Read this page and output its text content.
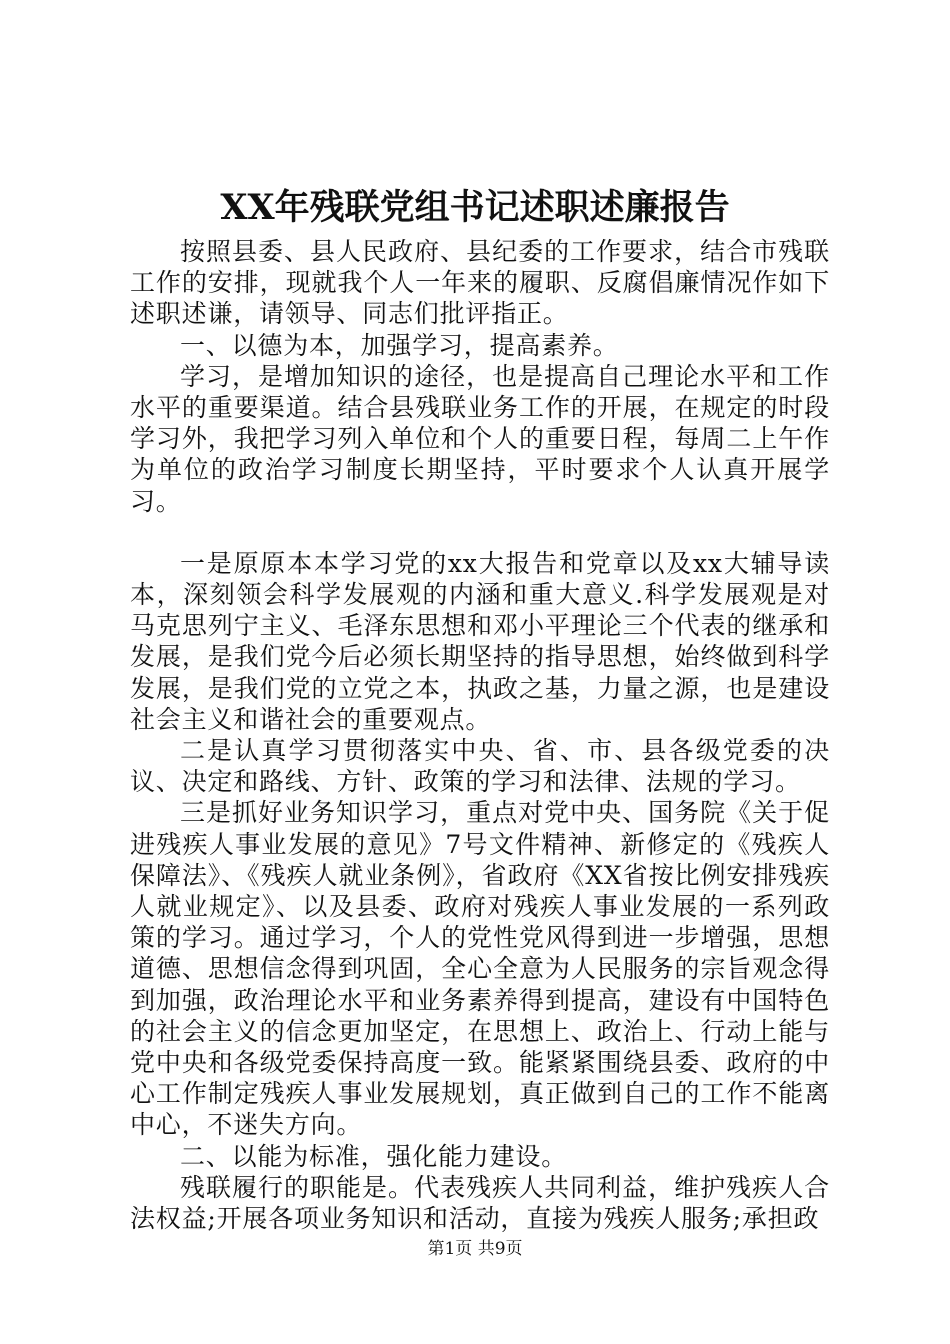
XX年残联党组书记述职述廉报告

按照县委、县人民政府、县纪委的工作要求，结合市残联工作的安排，现就我个人一年来的履职、反腐倡廉情况作如下述职述谦，请领导、同志们批评指正。

一、以德为本，加强学习，提高素养。

学习，是增加知识的途径，也是提高自己理论水平和工作水平的重要渠道。结合县残联业务工作的开展，在规定的时段学习外，我把学习列入单位和个人的重要日程，每周二上午作为单位的政治学习制度长期坚持，平时要求个人认真开展学习。

一是原原本本学习党的xx大报告和党章以及xx大辅导读本，深刻领会科学发展观的内涵和重大意义.科学发展观是对马克思列宁主义、毛泽东思想和邓小平理论三个代表的继承和发展，是我们党今后必须长期坚持的指导思想，始终做到科学发展，是我们党的立党之本，执政之基，力量之源，也是建设社会主义和谐社会的重要观点。

二是认真学习贯彻落实中央、省、市、县各级党委的决议、决定和路线、方针、政策的学习和法律、法规的学习。

三是抓好业务知识学习，重点对党中央、国务院《关于促进残疾人事业发展的意见》7号文件精神、新修定的《残疾人保障法》、《残疾人就业条例》，省政府《XX省按比例安排残疾人就业规定》、以及县委、政府对残疾人事业发展的一系列政策的学习。通过学习，个人的党性党风得到进一步增强，思想道德、思想信念得到巩固，全心全意为人民服务的宗旨观念得到加强，政治理论水平和业务素养得到提高，建设有中国特色的社会主义的信念更加坚定，在思想上、政治上、行动上能与党中央和各级党委保持高度一致。能紧紧围绕县委、政府的中心工作制定残疾人事业发展规划，真正做到自己的工作不能离中心，不迷失方向。

二、以能为标准，强化能力建设。

残联履行的职能是。代表残疾人共同利益，维护残疾人合法权益;开展各项业务知识和活动，直接为残疾人服务;承担政

第1页 共9页
